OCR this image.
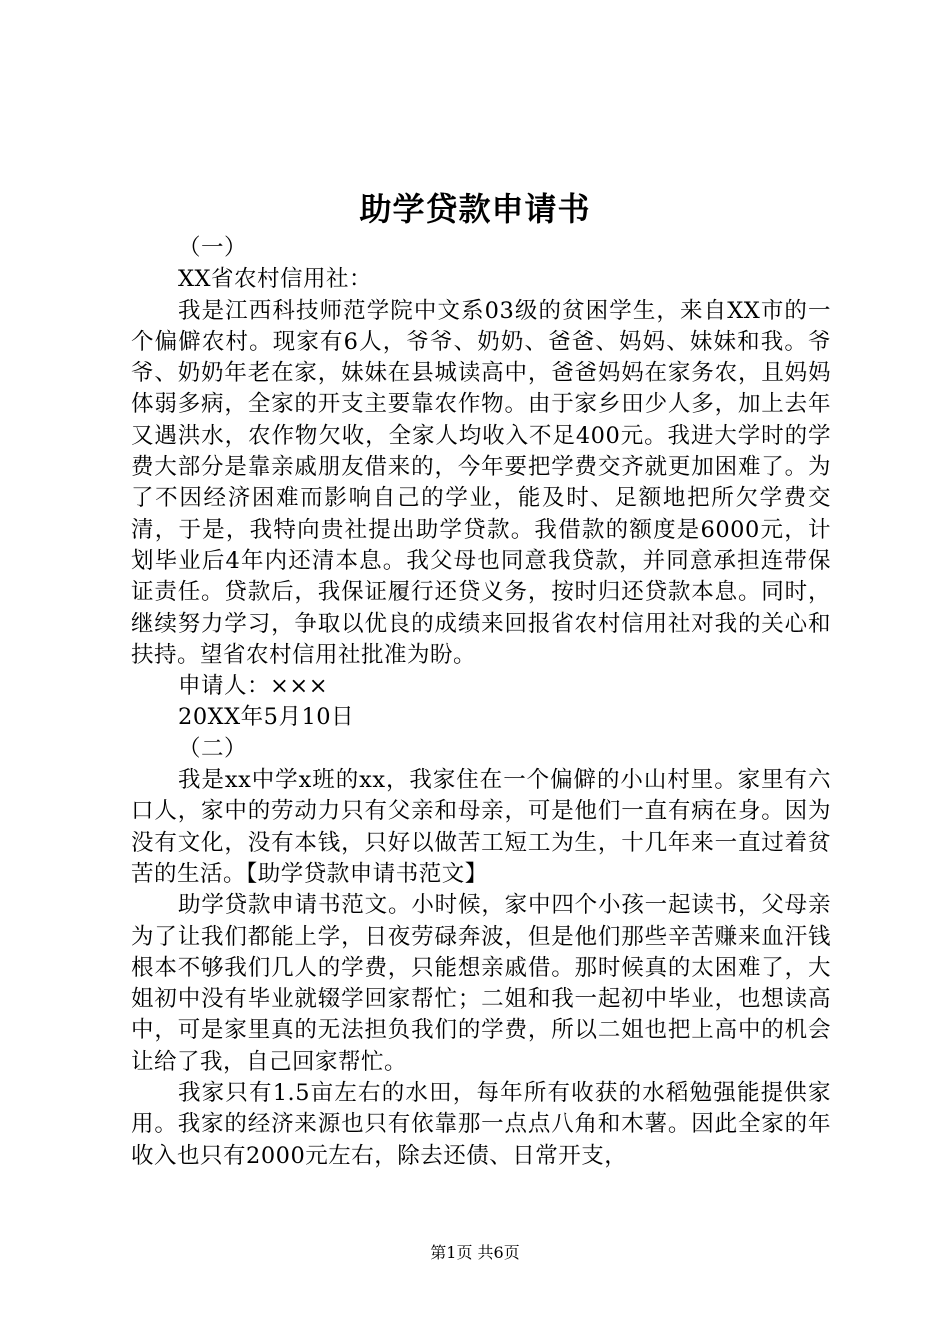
助学贷款申请书

（一）

XX省农村信用社：

我是江西科技师范学院中文系03级的贫困学生，来自XX市的一个偏僻农村。现家有6人，爷爷、奶奶、爸爸、妈妈、妹妹和我。爷爷、奶奶年老在家，妹妹在县城读高中，爸爸妈妈在家务农，且妈妈体弱多病，全家的开支主要靠农作物。由于家乡田少人多，加上去年又遇洪水，农作物欠收，全家人均收入不足400元。我进大学时的学费大部分是靠亲戚朋友借来的，今年要把学费交齐就更加困难了。为了不因经济困难而影响自己的学业，能及时、足额地把所欠学费交清，于是，我特向贵社提出助学贷款。我借款的额度是6000元，计划毕业后4年内还清本息。我父母也同意我贷款，并同意承担连带保证责任。贷款后，我保证履行还贷义务，按时归还贷款本息。同时，继续努力学习，争取以优良的成绩来回报省农村信用社对我的关心和扶持。望省农村信用社批准为盼。

申请人：×××

20XX年5月10日

（二）

我是xx中学x班的xx，我家住在一个偏僻的小山村里。家里有六口人，家中的劳动力只有父亲和母亲，可是他们一直有病在身。因为没有文化，没有本钱，只好以做苦工短工为生，十几年来一直过着贫苦的生活。【助学贷款申请书范文】

助学贷款申请书范文。小时候，家中四个小孩一起读书，父母亲为了让我们都能上学，日夜劳碌奔波，但是他们那些辛苦赚来血汗钱根本不够我们几人的学费，只能想亲戚借。那时候真的太困难了，大姐初中没有毕业就辍学回家帮忙；二姐和我一起初中毕业，也想读高中，可是家里真的无法担负我们的学费，所以二姐也把上高中的机会让给了我，自己回家帮忙。

我家只有1.5亩左右的水田，每年所有收获的水稻勉强能提供家用。我家的经济来源也只有依靠那一点点八角和木薯。因此全家的年收入也只有2000元左右，除去还债、日常开支，

第1页 共6页
